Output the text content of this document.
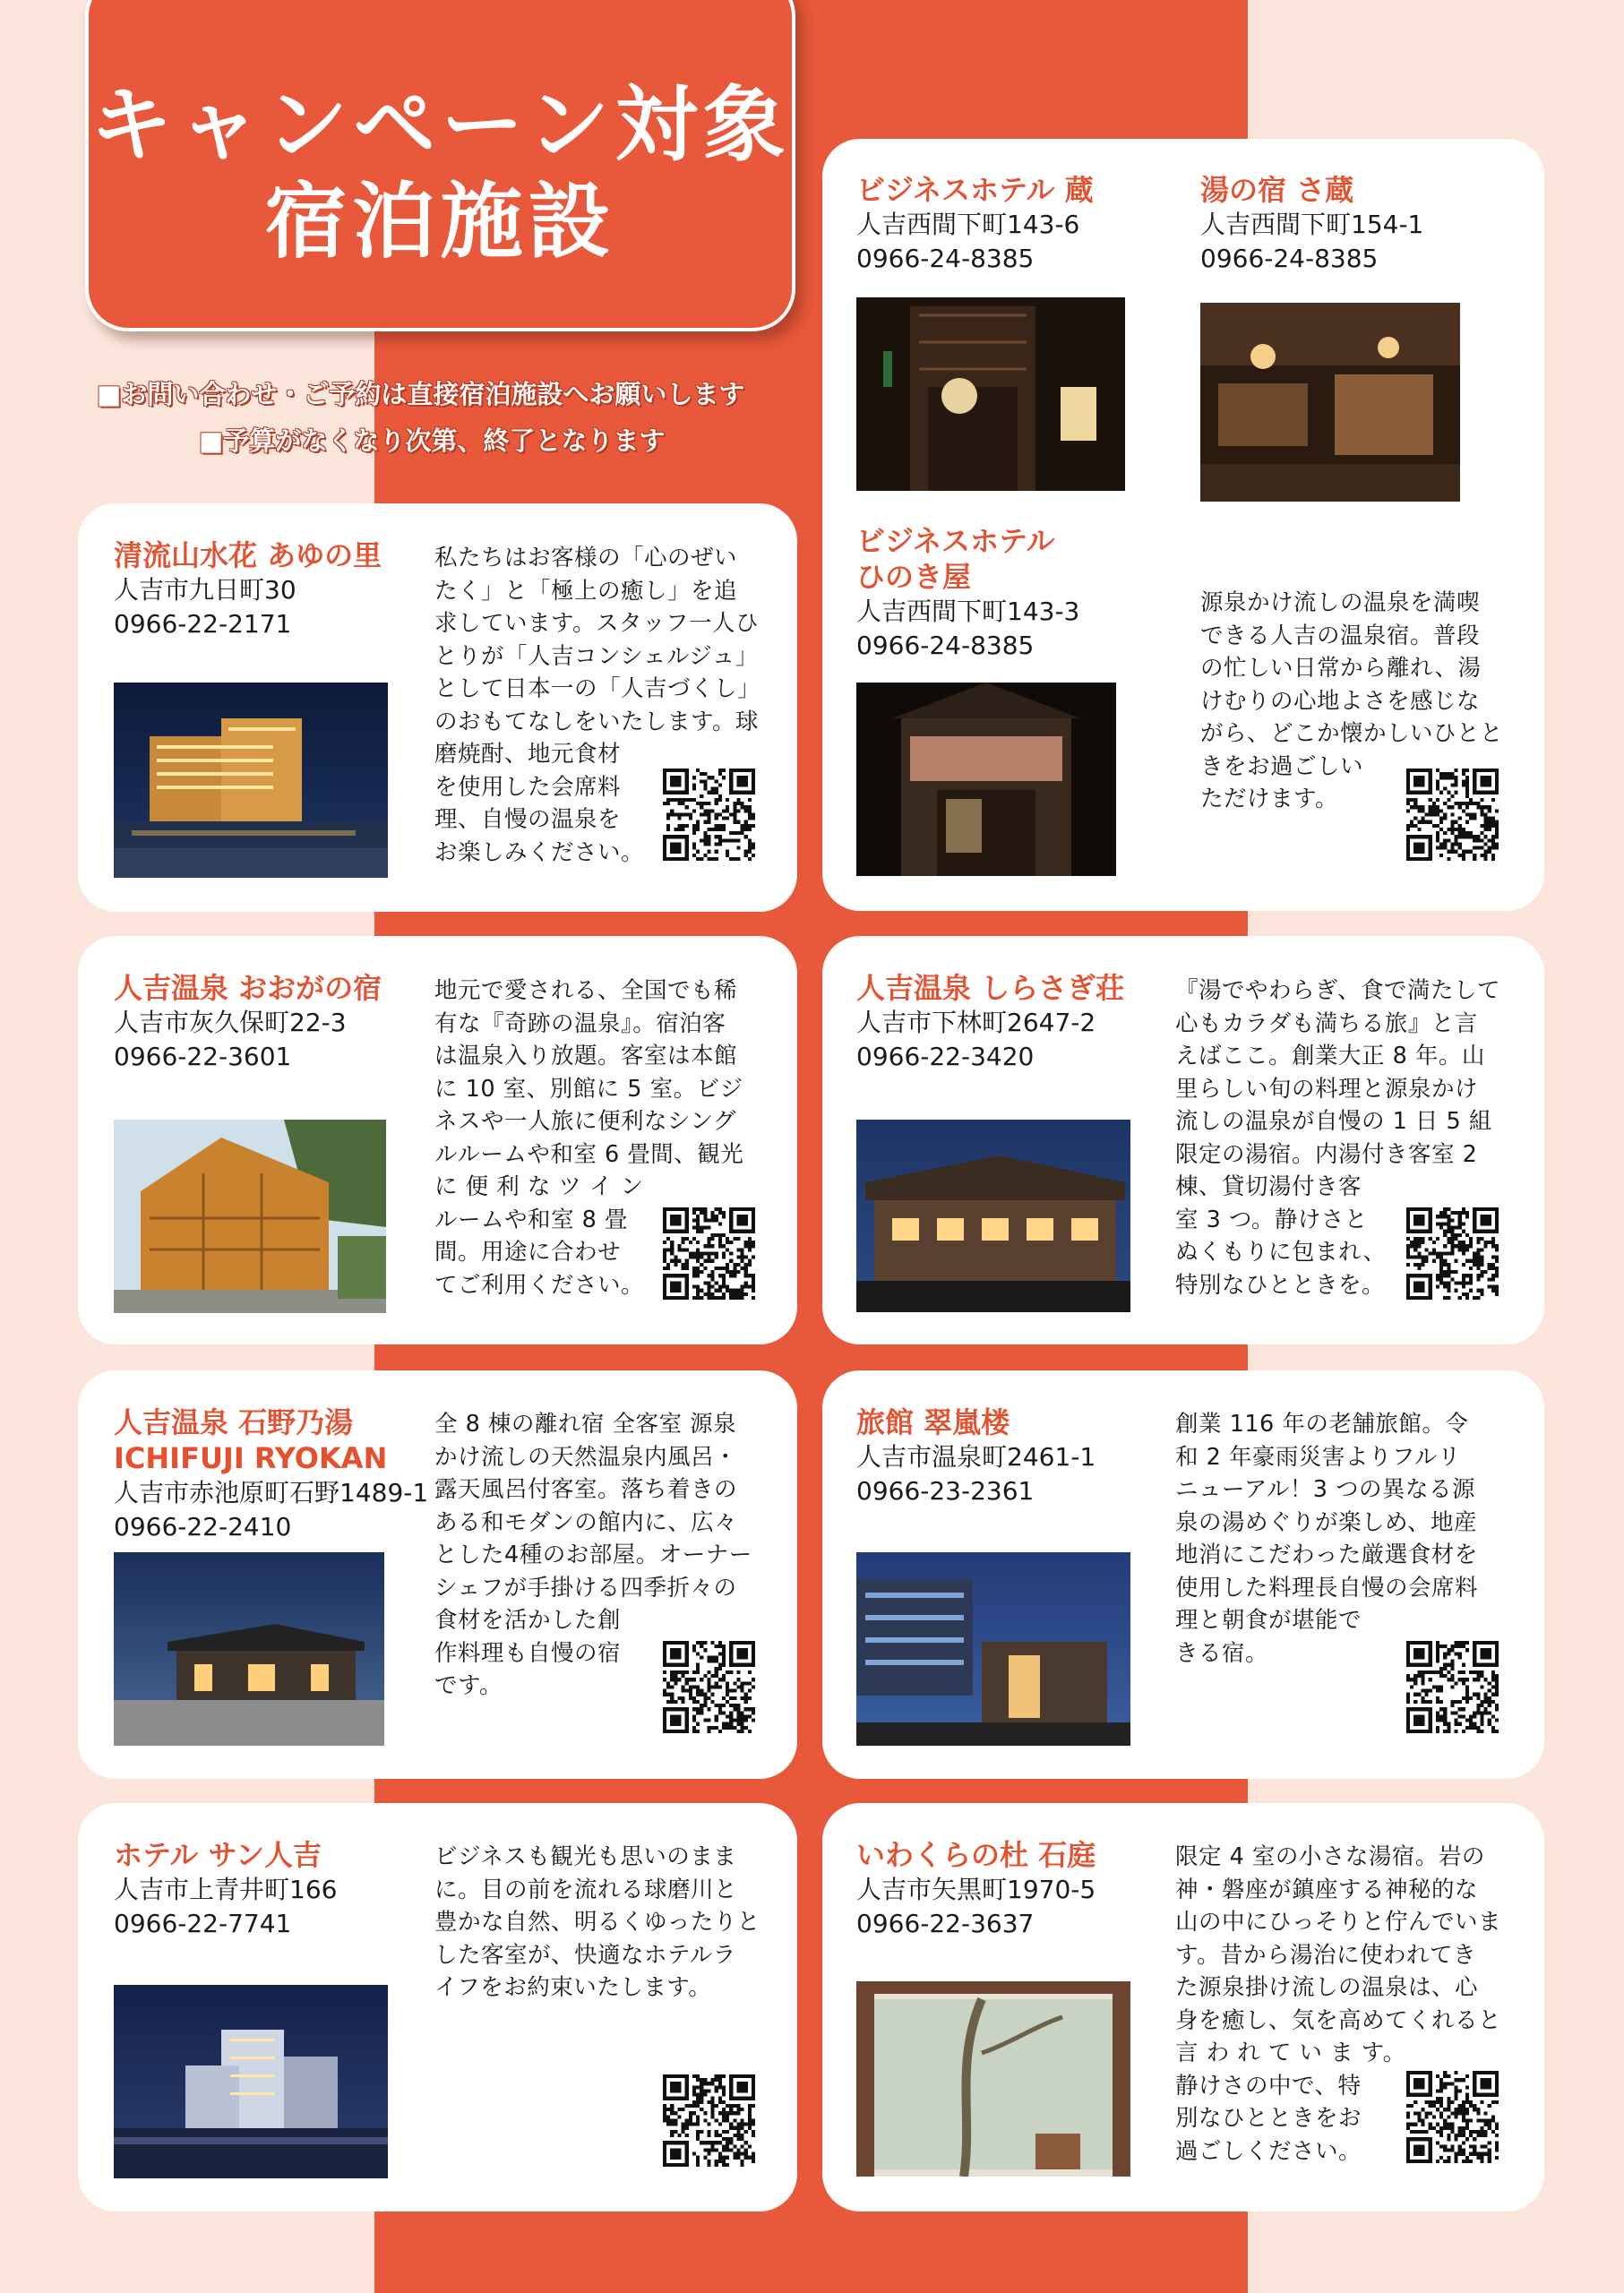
キャンペーン対象
宿泊施設
■お問い合わせ・ご予約は直接宿泊施設へお願いします
■予算がなくなり次第、終了となります

清流山水花 あゆの里

人吉市九日町30

0966-22-2171

私たちはお客様の「心のぜい
たく」と「極上の癒し」を追
求しています。スタッフ一人ひ
とりが「人吉コンシェルジュ」
として日本一の「人吉づくし」
のおもてなしをいたします。球
磨焼酎、地元食材
を使用した会席料
理、自慢の温泉を
お楽しみください。

ビジネスホテル 蔵

人吉西間下町143-6

0966-24-8385

湯の宿 さ蔵

人吉西間下町154-1

0966-24-8385

ビジネスホテル

ひのき屋

人吉西間下町143-3

0966-24-8385

源泉かけ流しの温泉を満喫
できる人吉の温泉宿。普段
の忙しい日常から離れ、湯
けむりの心地よさを感じな
がら、どこか懐かしいひとと
きをお過ごしい
ただけます。

人吉温泉 おおがの宿

人吉市灰久保町22-3

0966-22-3601

地元で愛される、全国でも稀
有な『奇跡の温泉』。宿泊客
は温泉入り放題。客室は本館
に 10 室、別館に 5 室。ビジ
ネスや一人旅に便利なシング
ルルームや和室 6 畳間、観光
に 便 利 な ツ イ ン
ルームや和室 8 畳
間。用途に合わせ
てご利用ください。

人吉温泉 しらさぎ荘

人吉市下林町2647-2

0966-22-3420

『湯でやわらぎ、食で満たして
心もカラダも満ちる旅』と言
えばここ。創業大正 8 年。山
里らしい旬の料理と源泉かけ
流しの温泉が自慢の 1 日 5 組
限定の湯宿。内湯付き客室 2
棟、貸切湯付き客
室 3 つ。静けさと
ぬくもりに包まれ、
特別なひとときを。

人吉温泉 石野乃湯

ICHIFUJI RYOKAN

人吉市赤池原町石野1489-1

0966-22-2410

全 8 棟の離れ宿 全客室 源泉
かけ流しの天然温泉内風呂・
露天風呂付客室。落ち着きの
ある和モダンの館内に、広々
とした4種のお部屋。オーナー
シェフが手掛ける四季折々の
食材を活かした創
作料理も自慢の宿
です。

旅館 翠嵐楼

人吉市温泉町2461-1

0966-23-2361

創業 116 年の老舗旅館。令
和 2 年豪雨災害よりフルリ
ニューアル！3 つの異なる源
泉の湯めぐりが楽しめ、地産
地消にこだわった厳選食材を
使用した料理長自慢の会席料
理と朝食が堪能で
きる宿。

ホテル サン人吉

人吉市上青井町166

0966-22-7741

ビジネスも観光も思いのまま
に。目の前を流れる球磨川と
豊かな自然、明るくゆったりと
した客室が、快適なホテルラ
イフをお約束いたします。

いわくらの杜 石庭

人吉市矢黒町1970-5

0966-22-3637

限定 4 室の小さな湯宿。岩の
神・磐座が鎮座する神秘的な
山の中にひっそりと佇んでいま
す。昔から湯治に使われてき
た源泉掛け流しの温泉は、心
身を癒し、気を高めてくれると
言 わ れ て い ま す。
静けさの中で、特
別なひとときをお
過ごしください。
